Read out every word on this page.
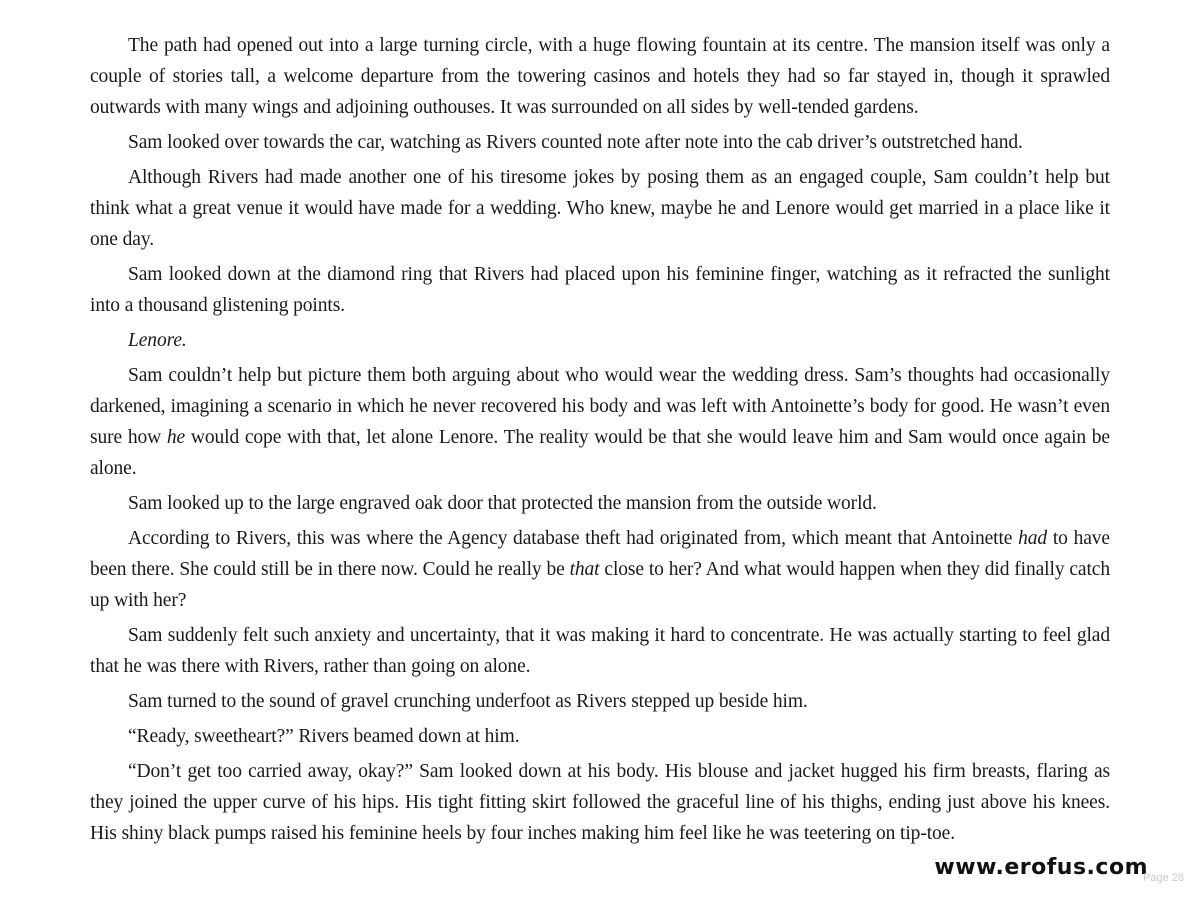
The path had opened out into a large turning circle, with a huge flowing fountain at its centre. The mansion itself was only a couple of stories tall, a welcome departure from the towering casinos and hotels they had so far stayed in, though it sprawled outwards with many wings and adjoining outhouses. It was surrounded on all sides by well-tended gardens.

Sam looked over towards the car, watching as Rivers counted note after note into the cab driver’s outstretched hand.

Although Rivers had made another one of his tiresome jokes by posing them as an engaged couple, Sam couldn’t help but think what a great venue it would have made for a wedding. Who knew, maybe he and Lenore would get married in a place like it one day.

Sam looked down at the diamond ring that Rivers had placed upon his feminine finger, watching as it refracted the sunlight into a thousand glistening points.

Lenore.

Sam couldn’t help but picture them both arguing about who would wear the wedding dress. Sam’s thoughts had occasionally darkened, imagining a scenario in which he never recovered his body and was left with Antoinette’s body for good. He wasn’t even sure how he would cope with that, let alone Lenore. The reality would be that she would leave him and Sam would once again be alone.

Sam looked up to the large engraved oak door that protected the mansion from the outside world.

According to Rivers, this was where the Agency database theft had originated from, which meant that Antoinette had to have been there. She could still be in there now. Could he really be that close to her? And what would happen when they did finally catch up with her?

Sam suddenly felt such anxiety and uncertainty, that it was making it hard to concentrate. He was actually starting to feel glad that he was there with Rivers, rather than going on alone.

Sam turned to the sound of gravel crunching underfoot as Rivers stepped up beside him.

“Ready, sweetheart?” Rivers beamed down at him.

“Don’t get too carried away, okay?” Sam looked down at his body. His blouse and jacket hugged his firm breasts, flaring as they joined the upper curve of his hips. His tight fitting skirt followed the graceful line of his thighs, ending just above his knees. His shiny black pumps raised his feminine heels by four inches making him feel like he was teetering on tip-toe.

www.erofus.com
Page 28
